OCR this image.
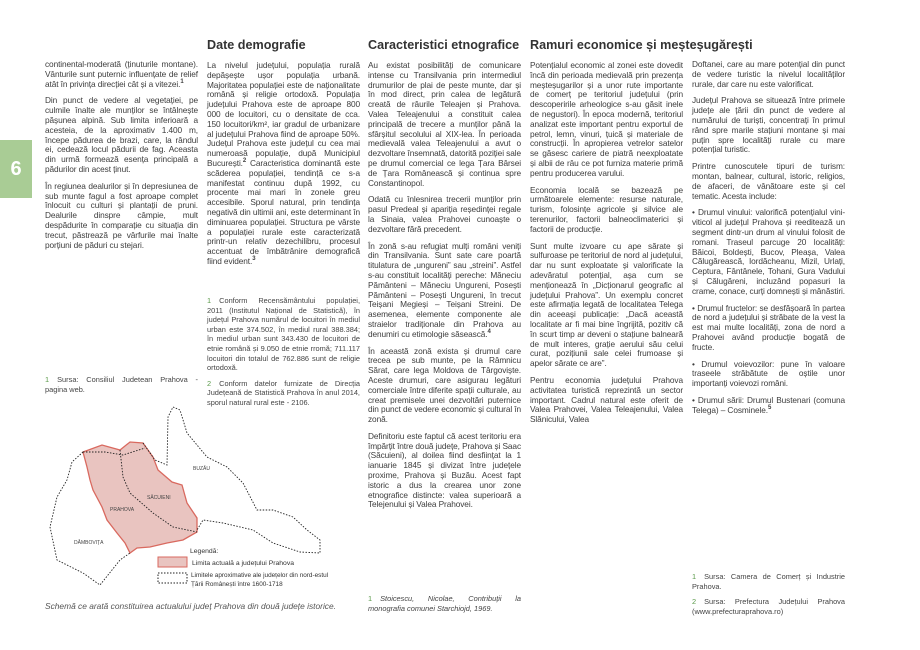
6

continental-moderată (ținuturile montane). Vânturile sunt puternic influențate de relief atât în privința direcției cât și a vitezei.$^1$

Din punct de vedere al vegetației, pe culmile înalte ale munților se întâlnește pășunea alpină. Sub limita inferioară a acesteia, de la aproximativ 1.400 m, începe pădurea de brazi, care, la rândul ei, cedează locul pădurii de fag. Aceasta din urmă formează esența principală a pădurilor din acest ținut.

În regiunea dealurilor și în depresiunea de sub munte fagul a fost aproape complet înlocuit cu culturi și plantații de pruni. Dealurile dinspre câmpie, mult despădurite în comparație cu situația din trecut, păstrează pe vârfurile mai înalte porțiuni de păduri cu stejari.

1 Sursa: Consiliul Judetean Prahova - pagina web.

Date demografie

La nivelul județului, populația rurală depășește ușor populația urbană. Majoritatea populației este de naționalitate română și religie ortodoxă. Populația județului Prahova este de aproape 800 000 de locuitori, cu o densitate de cca. 150 locuitori/km², iar gradul de urbanizare al județului Prahova fiind de aproape 50%. Județul Prahova este județul cu cea mai numeroasă populație, după Municipiul București.$^2$ Caracteristica dominantă este scăderea populației, tendință ce s-a manifestat continuu după 1992, cu procente mai mari în zonele greu accesibile. Sporul natural, prin tendința negativă din ultimii ani, este determinant în diminuarea populației. Structura pe vârste a populației rurale este caracterizată printr-un relativ dezechilibru, procesul accentuat de îmbătrânire demografică fiind evident.$^3$

1 Conform Recensământului populației, 2011 (Institutul Național de Statistică), în județul Prahova numărul de locuitori în mediul urban este 374.502, în mediul rural 388.384; în mediul urban sunt 343.430 de locuitori de etnie română și 9.050 de etnie rromă; 711.117 locuitori din totalul de 762.886 sunt de religie ortodoxă.

2 Conform datelor furnizate de Direcția Județeană de Statistică Prahova în anul 2014, sporul natural rural este - 2106.

Caracteristici etnografice

Au existat posibilități de comunicare intense cu Transilvania prin intermediul drumurilor de plai de peste munte, dar și în mod direct, prin calea de legătură creată de râurile Teleajen și Prahova. Valea Teleajenului a constituit calea principală de trecere a munților până la sfârșitul secolului al XIX-lea. În perioada medievală valea Teleajenului a avut o dezvoltare însemnată, datorită poziției sale pe drumul comercial ce lega Țara Bârsei de Țara Românească și continua spre Constantinopol.

Odată cu înlesnirea trecerii munților prin pasul Predeal și apariția reședinței regale la Sinaia, valea Prahovei cunoaște o dezvoltare fără precedent.

În zonă s-au refugiat mulți români veniți din Transilvania. Sunt sate care poartă titulatura de „ungureni” sau „streini”. Astfel s-au constituit localități pereche: Măneciu Pământeni – Măneciu Ungureni, Posești Pământeni – Posești Ungureni, în trecut Teișani Megieși – Teișani Streini. De asemenea, elemente componente ale straielor tradiționale din Prahova au denumiri cu etimologie săsească.$^4$

În această zonă exista și drumul care trecea pe sub munte, pe la Râmnicu Sărat, care lega Moldova de Târgoviște. Aceste drumuri, care asigurau legături comerciale între diferite spații culturale, au creat premisele unei dezvoltări puternice din punct de vedere economic și cultural în zonă.

Definitoriu este faptul că acest teritoriu era împărțit între două județe, Prahova și Saac (Săcuieni), al doilea fiind desființat la 1 ianuarie 1845 și divizat între județele proxime, Prahova și Buzău. Acest fapt istoric a dus la crearea unor zone etnografice distincte: valea superioară a Telejenului și Valea Prahovei.

1 Stoicescu, Nicolae, Contribuții la monografia comunei Starchiojd, 1969.

Ramuri economice și meșteșugărești

Potențialul economic al zonei este dovedit încă din perioada medievală prin prezența meșteșugarilor și a unor rute importante de comerț pe teritoriul județului (prin descoperirile arheologice s-au găsit inele de negustori). În epoca modernă, teritoriul analizat este important pentru exportul de petrol, lemn, vinuri, țuică și materiale de construcții. În apropierea vetrelor satelor se găsesc cariere de piatră neexploatate și albii de râu ce pot furniza materie primă pentru producerea varului.

Economia locală se bazează pe următoarele elemente: resurse naturale, turism, folosințe agricole și silvice ale terenurilor, factorii balneoclimaterici și factorii de producție.

Sunt multe izvoare cu ape sărate și sulfuroase pe teritoriul de nord al județului, dar nu sunt exploatate și valorificate la adevăratul potențial, așa cum se menționează în „Dicționarul geografic al județului Prahova”. Un exemplu concret este afirmația legată de localitatea Telega din aceeași publicație: „Dacă această localitate ar fi mai bine îngrijită, pozitiv că în scurt timp ar deveni o stațiune balneară de mult interes, grație aerului său celui curat, pozițiunii sale celei frumoase și apelor sărate ce are”.

Pentru economia județului Prahova activitatea turistică reprezintă un sector important. Cadrul natural este oferit de Valea Prahovei, Valea Teleajenului, Valea Slănicului, Valea

Doftanei, care au mare potențial din punct de vedere turistic la nivelul localităților rurale, dar care nu este valorificat.

Județul Prahova se situează între primele județe ale țării din punct de vedere al numărului de turiști, concentrați în primul rând spre marile stațiuni montane și mai puțin spre localități rurale cu mare potențial turistic.

Printre cunoscutele tipuri de turism: montan, balnear, cultural, istoric, religios, de afaceri, de vânătoare este și cel tematic. Acesta include:

• Drumul vinului: valorifică potențialul vini-viticol al județul Prahova și reeditează un segment dintr-un drum al vinului folosit de romani. Traseul parcuge 20 localități: Băicoi, Boldești, Bucov, Pleașa, Valea Călugărească, Iordăcheanu, Mizil, Urlați, Ceptura, Fântânele, Tohani, Gura Vadului și Călugăreni, incluzând popasuri la crame, conace, curți domnești și mânăstiri.

• Drumul fructelor: se desfășoară în partea de nord a județului și străbate de la vest la est mai multe localități, zona de nord a Prahovei având producție bogată de fructe.

• Drumul voievozilor: pune în valoare traseele străbătute de oștile unor importanți voievozi români.

• Drumul sării: Drumul Bustenari (comuna Telega) – Cosminele.$^5$

1 Sursa: Camera de Comerț și Industrie Prahova.

2 Sursa: Prefectura Județului Prahova (www.prefecturaprahova.ro)

BUZĂU
SĂCUIENI
PRAHOVA
DÂMBOVIȚA
Legendă:
Limita actuală a județului Prahova
Limitele aproximative ale județelor din nord-estul
Țării Românești între 1600-1718
Schemă ce arată constituirea actualului județ Prahova din două județe istorice.
